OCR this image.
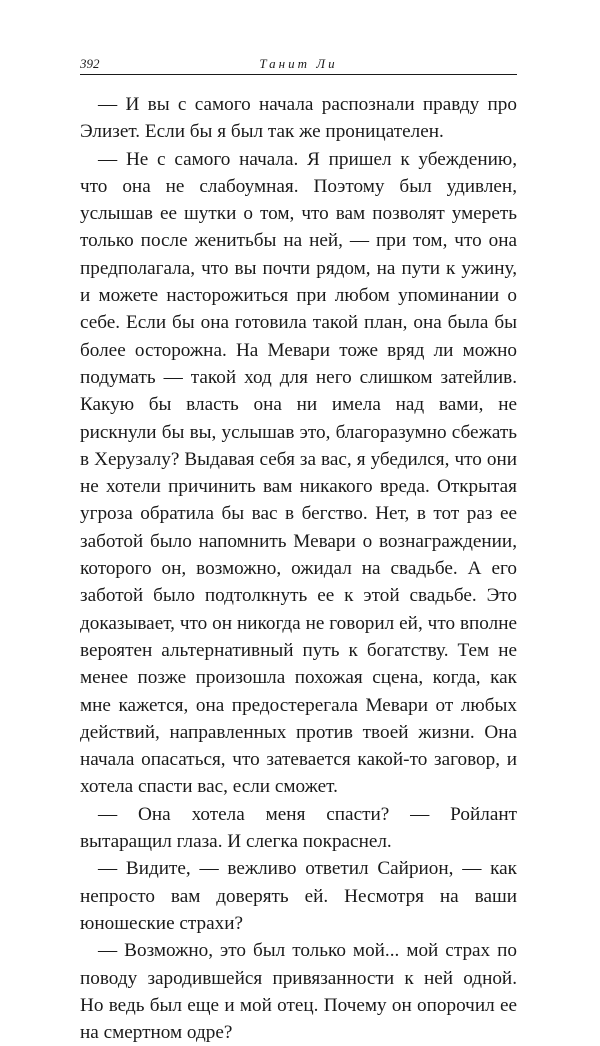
392	Танит Ли

— И вы с самого начала распознали правду про Элизет. Если бы я был так же проницателен.

— Не с самого начала. Я пришел к убеждению, что она не слабоумная. Поэтому был удивлен, услышав ее шутки о том, что вам позволят умереть только после женитьбы на ней, — при том, что она предполагала, что вы почти рядом, на пути к ужину, и можете насторожиться при любом упоминании о себе. Если бы она готовила такой план, она была бы более осторожна. На Мевари тоже вряд ли можно подумать — такой ход для него слишком затейлив. Какую бы власть она ни имела над вами, не рискнули бы вы, услышав это, благоразумно сбежать в Херузалу? Выдавая себя за вас, я убедился, что они не хотели причинить вам никакого вреда. Открытая угроза обратила бы вас в бегство. Нет, в тот раз ее заботой было напомнить Мевари о вознаграждении, которого он, возможно, ожидал на свадьбе. А его заботой было подтолкнуть ее к этой свадьбе. Это доказывает, что он никогда не говорил ей, что вполне вероятен альтернативный путь к богатству. Тем не менее позже произошла похожая сцена, когда, как мне кажется, она предостерегала Мевари от любых действий, направленных против твоей жизни. Она начала опасаться, что затевается какой-то заговор, и хотела спасти вас, если сможет.

— Она хотела меня спасти? — Ройлант вытаращил глаза. И слегка покраснел.

— Видите, — вежливо ответил Сайрион, — как непросто вам доверять ей. Несмотря на ваши юношеские страхи?

— Возможно, это был только мой... мой страх по поводу зародившейся привязанности к ней одной. Но ведь был еще и мой отец. Почему он опорочил ее на смертном одре?
